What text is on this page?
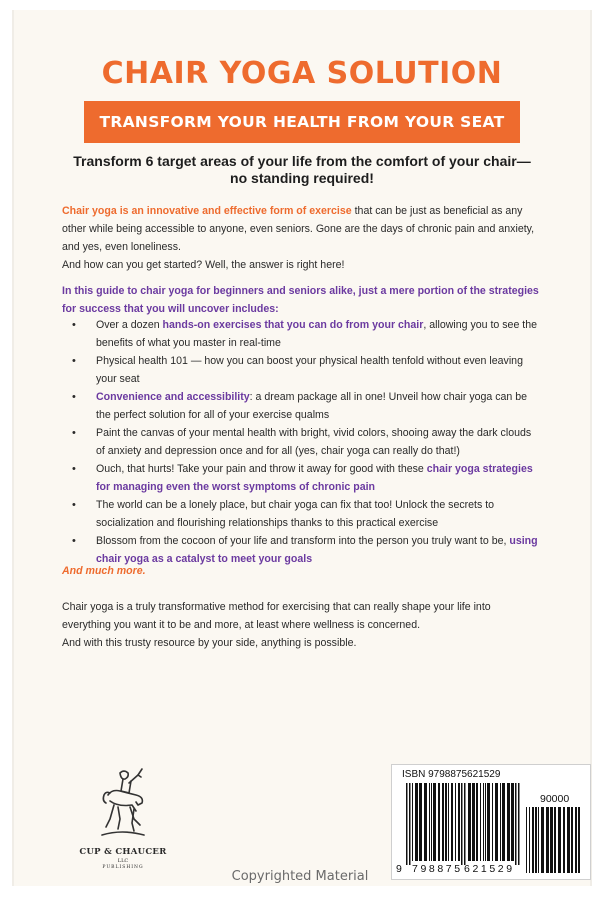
CHAIR YOGA SOLUTION
TRANSFORM YOUR HEALTH FROM YOUR SEAT
Transform 6 target areas of your life from the comfort of your chair—
no standing required!

Chair yoga is an innovative and effective form of exercise that can be just as beneficial as any other while being accessible to anyone, even seniors. Gone are the days of chronic pain and anxiety, and yes, even loneliness.

And how can you get started? Well, the answer is right here!

In this guide to chair yoga for beginners and seniors alike, just a mere portion of the strategies for success that you will uncover includes:
• Over a dozen hands-on exercises that you can do from your chair, allowing you to see the benefits of what you master in real-time
• Physical health 101 — how you can boost your physical health tenfold without even leaving your seat
• Convenience and accessibility: a dream package all in one! Unveil how chair yoga can be the perfect solution for all of your exercise qualms
• Paint the canvas of your mental health with bright, vivid colors, shooing away the dark clouds of anxiety and depression once and for all (yes, chair yoga can really do that!)
• Ouch, that hurts! Take your pain and throw it away for good with these chair yoga strategies for managing even the worst symptoms of chronic pain
• The world can be a lonely place, but chair yoga can fix that too! Unlock the secrets to socialization and flourishing relationships thanks to this practical exercise
• Blossom from the cocoon of your life and transform into the person you truly want to be, using chair yoga as a catalyst to meet your goals
And much more.

Chair yoga is a truly transformative method for exercising that can really shape your life into everything you want it to be and more, at least where wellness is concerned.

And with this trusty resource by your side, anything is possible.

CUP & CHAUCER
LLC
PUBLISHING
ISBN 9798875621529
90000
9 798875 621529
Copyrighted Material
